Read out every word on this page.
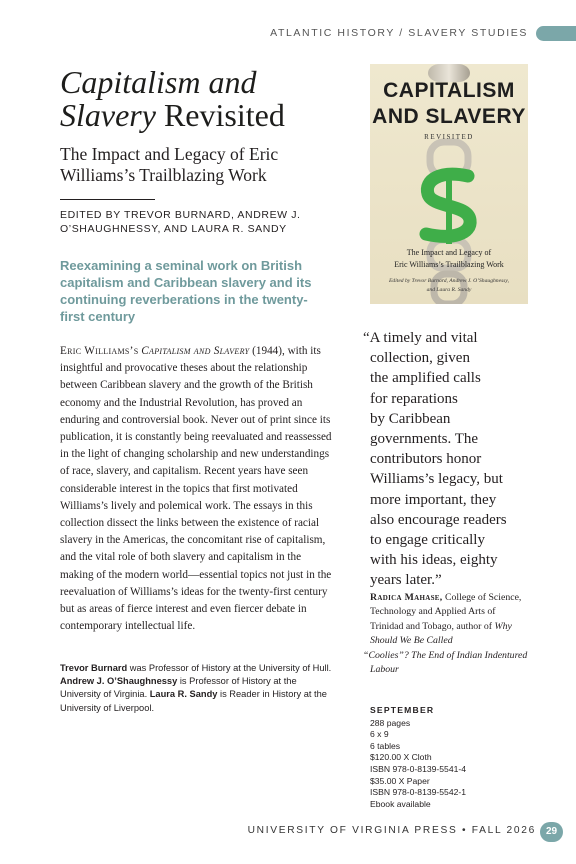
ATLANTIC HISTORY / SLAVERY STUDIES
Capitalism and
Slavery Revisited
The Impact and Legacy of Eric Williams’s Trailblazing Work
EDITED BY TREVOR BURNARD, ANDREW J.
O’SHAUGHNESSY, AND LAURA R. SANDY
Reexamining a seminal work on British capitalism and Caribbean slavery and its continuing reverberations in the twenty-first century
Eric Williams’s Capitalism and Slavery (1944), with its insightful and provocative theses about the relationship between Caribbean slavery and the growth of the British economy and the Industrial Revolution, has proved an enduring and controversial book. Never out of print since its publication, it is constantly being reevaluated and reassessed in the light of changing scholarship and new understandings of race, slavery, and capitalism. Recent years have seen considerable interest in the topics that first motivated Williams’s lively and polemical work. The essays in this collection dissect the links between the existence of racial slavery in the Americas, the concomitant rise of capitalism, and the vital role of both slavery and capitalism in the making of the modern world—essential topics not just in the reevaluation of Williams’s ideas for the twenty-first century but as areas of fierce interest and even fiercer debate in contemporary intellectual life.
Trevor Burnard was Professor of History at the University of Hull. Andrew J. O’Shaughnessy is Professor of History at the University of Virginia. Laura R. Sandy is Reader in History at the University of Liverpool.
CAPITALISM
AND SLAVERY
REVISITED
The Impact and Legacy of
Eric Williams’s Trailblazing Work
Edited by Trevor Burnard, Andrew J. O’Shaughnessy,
and Laura R. Sandy
“A timely and vital
collection, given
the amplified calls
for reparations
by Caribbean
governments. The
contributors honor
Williams’s legacy, but
more important, they
also encourage readers
to engage critically
with his ideas, eighty
years later.”
Radica Mahase, College of Science, Technology and Applied Arts of Trinidad and Tobago, author of Why Should We Be Called
“Coolies”? The End of Indian Indentured
Labour
SEPTEMBER
288 pages
6 x 9
6 tables
$120.00 X Cloth
ISBN 978-0-8139-5541-4
$35.00 X Paper
ISBN 978-0-8139-5542-1
Ebook available
UNIVERSITY OF VIRGINIA PRESS • FALL 2026 29
